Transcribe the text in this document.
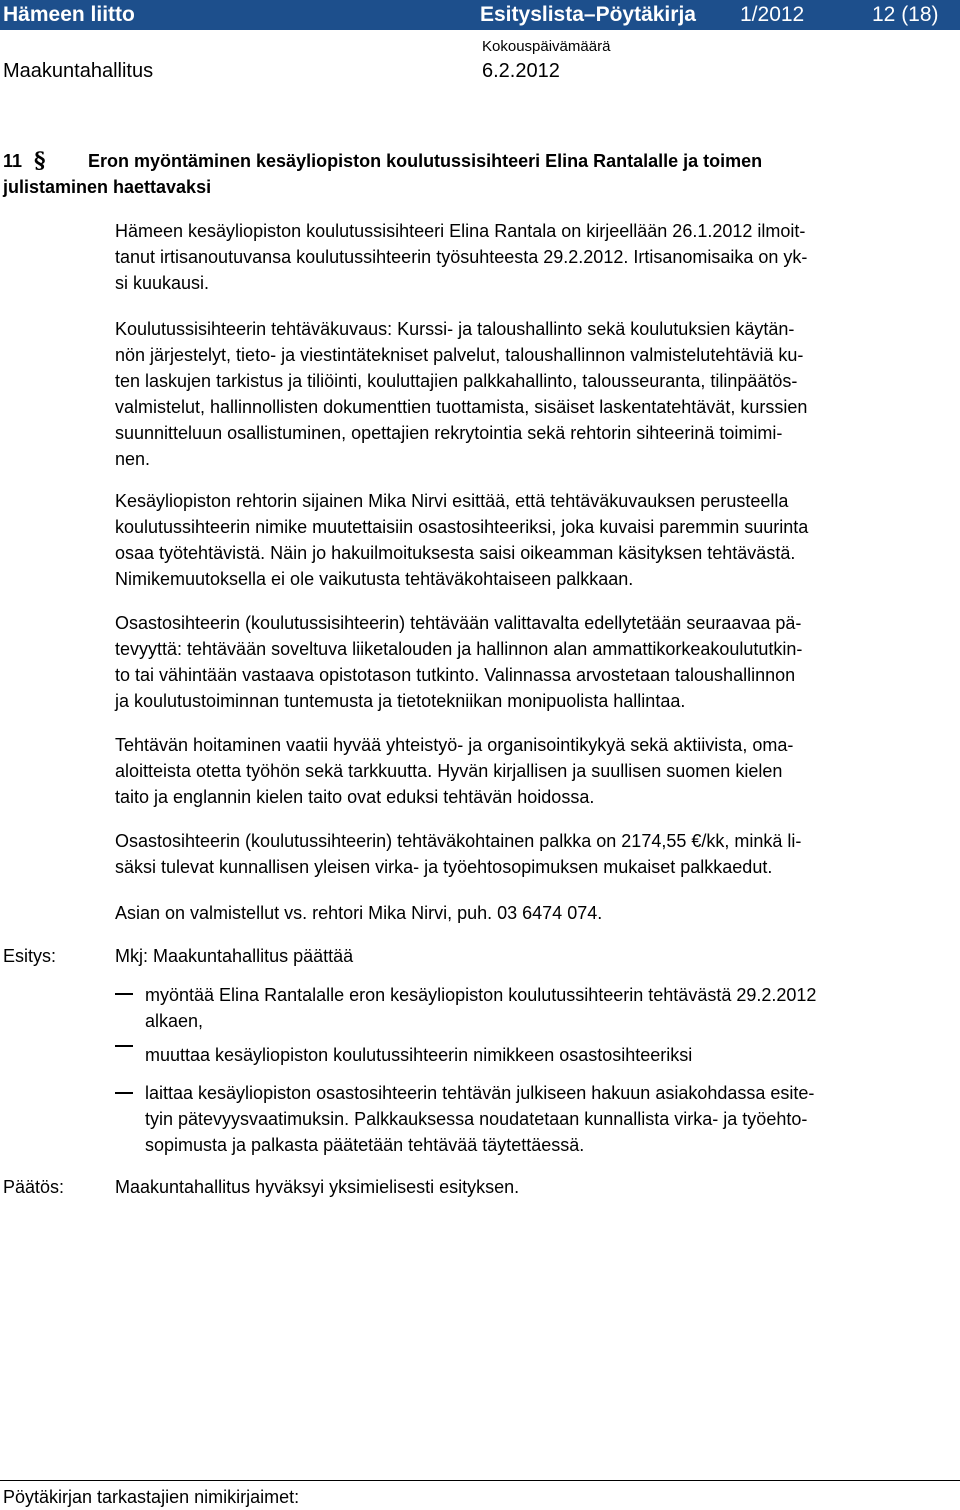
Hämeen liitto	Esityslista–Pöytäkirja 1/2012	12 (18)
Kokouspäivämäärä
Maakuntahallitus	6.2.2012
11 § Eron myöntäminen kesäyliopiston koulutussisihteeri Elina Rantalalle ja toimen
julistaminen haettavaksi
Hämeen kesäyliopiston koulutussisihteeri Elina Rantala on kirjeellään 26.1.2012 ilmoit-
tanut irtisanoutuvansa koulutussihteerin työsuhteesta 29.2.2012. Irtisanomisaika on yk-
si kuukausi.
Koulutussisihteerin tehtäväkuvaus: Kurssi- ja taloushallinto sekä koulutuksien käytän-
nön järjestelyt, tieto- ja viestintätekniset palvelut, taloushallinnon valmistelutehtäviä ku-
ten laskujen tarkistus ja tiliöinti, kouluttajien palkkahallinto, talousseuranta, tilinpäätös-
valmistelut, hallinnollisten dokumenttien tuottamista, sisäiset laskentatehtävät, kurssien
suunnitteluun osallistuminen, opettajien rekrytointia sekä rehtorin sihteerinä toimimi-
nen.
Kesäyliopiston rehtorin sijainen Mika Nirvi esittää, että tehtäväkuvauksen perusteella
koulutussihteerin nimike muutettaisiin osastosihteeriksi, joka kuvaisi paremmin suurinta
osaa työtehtävistä. Näin jo hakuilmoituksesta saisi oikeamman käsityksen tehtävästä.
Nimikemuutoksella ei ole vaikutusta tehtäväkohtaiseen palkkaan.
Osastosihteerin (koulutussisihteerin) tehtävään valittavalta edellytetään seuraavaa pä-
tevyyttä: tehtävään soveltuva liiketalouden ja hallinnon alan ammattikorkeakoulututkin-
to tai vähintään vastaava opistotason tutkinto. Valinnassa arvostetaan taloushallinnon
ja koulutustoiminnan tuntemusta ja tietotekniikan monipuolista hallintaa.
Tehtävän hoitaminen vaatii hyvää yhteistyö- ja organisointikykyä sekä aktiivista, oma-
aloitteista otetta työhön sekä tarkkuutta. Hyvän kirjallisen ja suullisen suomen kielen
taito ja englannin kielen taito ovat eduksi tehtävän hoidossa.
Osastosihteerin (koulutussihteerin) tehtäväkohtainen palkka on 2174,55 €/kk, minkä li-
säksi tulevat kunnallisen yleisen virka- ja työehtosopimuksen mukaiset palkkaedut.
Asian on valmistellut vs. rehtori Mika Nirvi, puh. 03 6474 074.
Esitys:	Mkj: Maakuntahallitus päättää
myöntää Elina Rantalalle eron kesäyliopiston koulutussihteerin tehtävästä 29.2.2012
alkaen,
muuttaa kesäyliopiston koulutussihteerin nimikkeen osastosihteeriksi
laittaa kesäyliopiston osastosihteerin tehtävän julkiseen hakuun asiakohdassa esite-
tyin pätevyysvaatimuksin. Palkkauksessa noudatetaan kunnallista virka- ja työehto-
sopimusta ja palkasta päätetään tehtävää täytettäessä.
Päätös:	Maakuntahallitus hyväksyi yksimielisesti esityksen.
Pöytäkirjan tarkastajien nimikirjaimet:
